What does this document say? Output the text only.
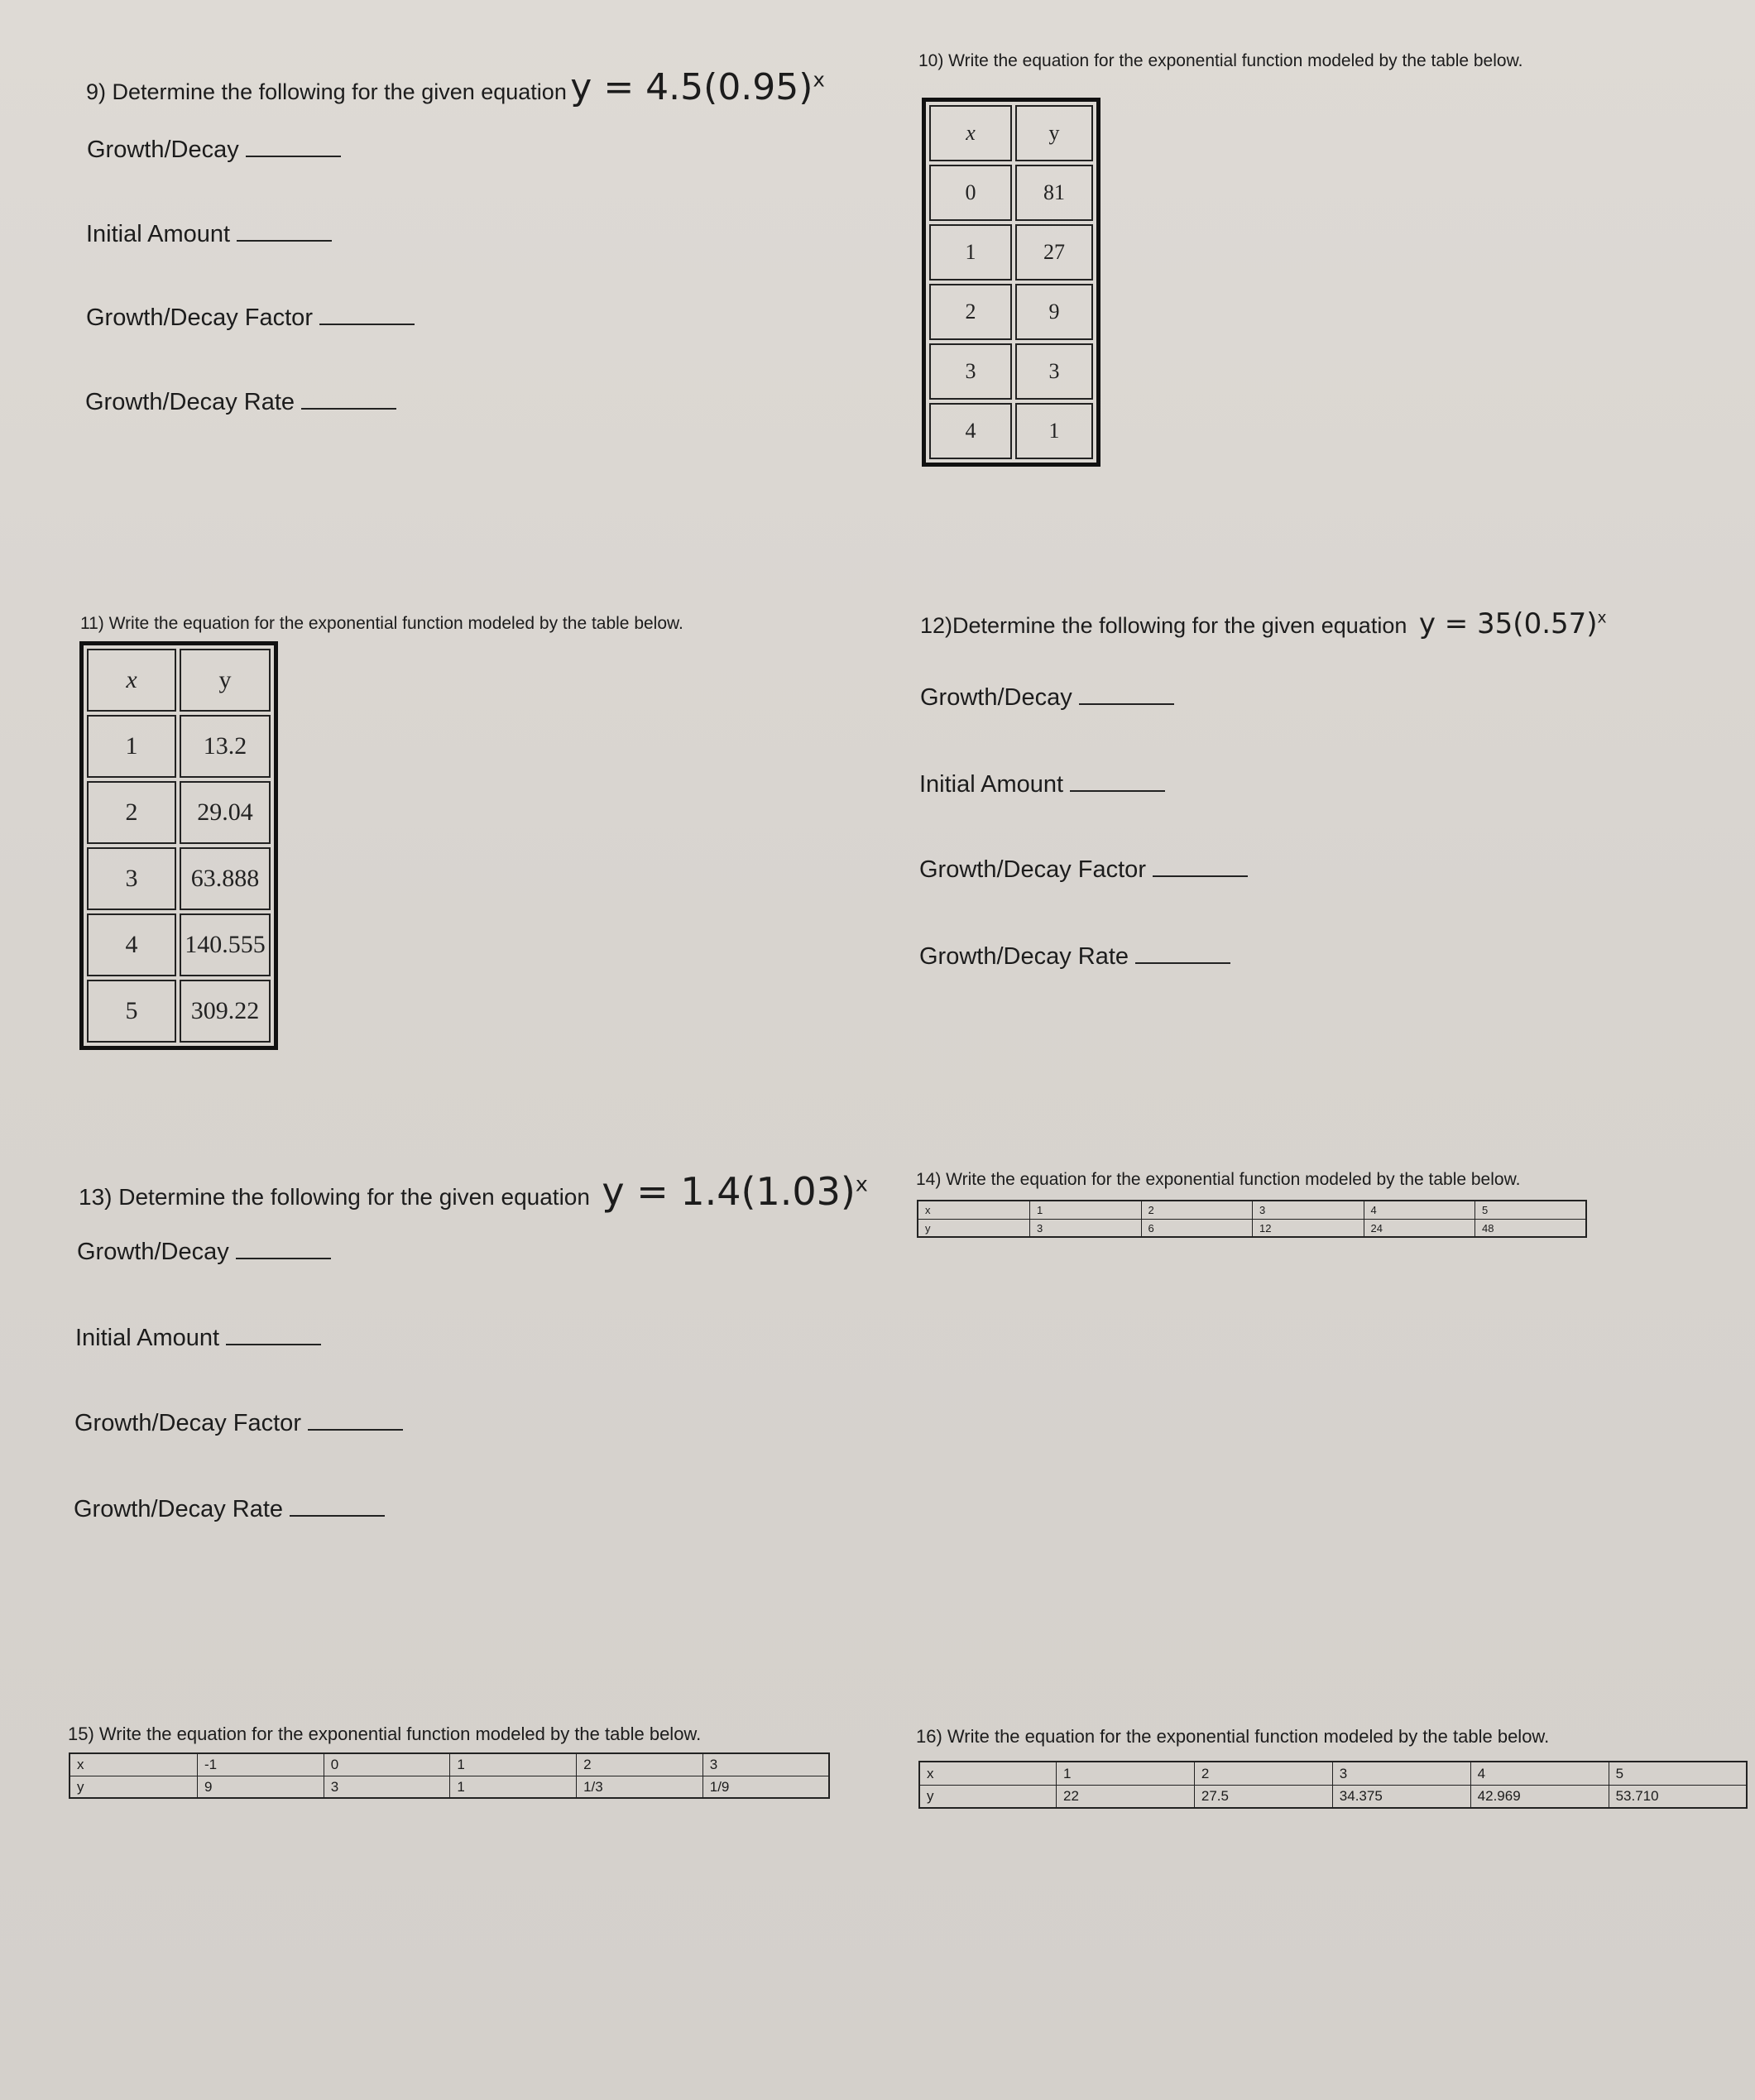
9) Determine the following for the given equation $y = 4.5(0.95)^x$
Growth/Decay
Initial Amount
Growth/Decay Factor
Growth/Decay Rate
10) Write the equation for the exponential function modeled by the table below.
x	y
0	81
1	27
2	9
3	3
4	1
11) Write the equation for the exponential function modeled by the table below.
x	y
1	13.2
2	29.04
3	63.888
4	140.555
5	309.22
12)Determine the following for the given equation $y = 35(0.57)^x$
Growth/Decay
Initial Amount
Growth/Decay Factor
Growth/Decay Rate
13) Determine the following for the given equation $y = 1.4(1.03)^x$
Growth/Decay
Initial Amount
Growth/Decay Factor
Growth/Decay Rate
14) Write the equation for the exponential function modeled by the table below.
x	1	2	3	4	5
y	3	6	12	24	48
15) Write the equation for the exponential function modeled by the table below.
x	-1	0	1	2	3
y	9	3	1	1/3	1/9
16) Write the equation for the exponential function modeled by the table below.
x	1	2	3	4	5
y	22	27.5	34.375	42.969	53.710
